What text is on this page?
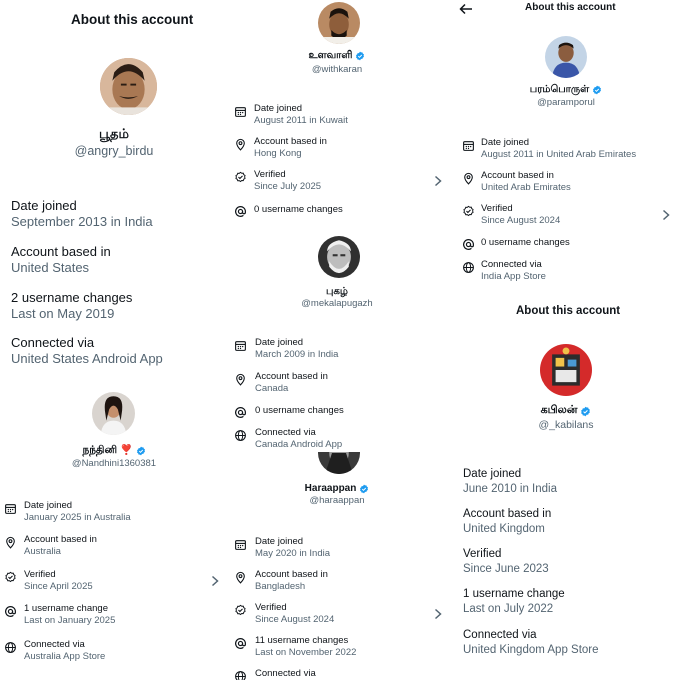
About this account
பூதம்
@angry_birdu
Date joined
September 2013 in India
Account based in
United States
2 username changes
Last on May 2019
Connected via
United States Android App
உளவாளி
@withkaran
Date joined
August 2011 in Kuwait
Account based in
Hong Kong
Verified
Since July 2025
0 username changes
புகழ்
@mekalapugazh
Date joined
March 2009 in India
Account based in
Canada
0 username changes
Connected via
Canada Android App
Haraappan
@haraappan
Date joined
May 2020 in India
Account based in
Bangladesh
Verified
Since August 2024
11 username changes
Last on November 2022
Connected via
About this account
பரம்பொருள்
@paramporul
Date joined
August 2011 in United Arab Emirates
Account based in
United Arab Emirates
Verified
Since August 2024
0 username changes
Connected via
India App Store
About this account
கபிலன்
@_kabilans
Date joined
June 2010 in India
Account based in
United Kingdom
Verified
Since June 2023
1 username change
Last on July 2022
Connected via
United Kingdom App Store
நந்தினி ❣️
@Nandhini1360381
Date joined
January 2025 in Australia
Account based in
Australia
Verified
Since April 2025
1 username change
Last on January 2025
Connected via
Australia App Store
